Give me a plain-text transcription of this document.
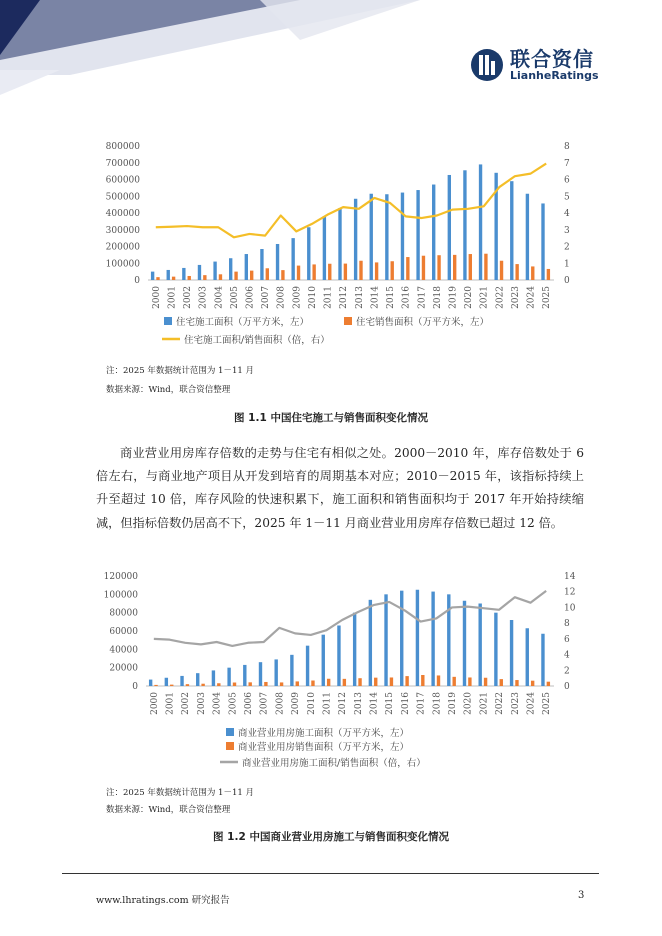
联合资信
LianheRatings
0
100000
200000
300000
400000
500000
600000
700000
800000
0
1
2
3
4
5
6
7
8
2000 2001 2002 2003 2004 2005 2006 2007 2008 2009 2010 2011 2012 2013 2014 2015 2016 2017 2018 2019 2020 2021 2022 2023 2024 2025
住宅施工面积（万平方米，左）	住宅销售面积（万平方米，左）
住宅施工面积/销售面积（倍，右）
注：2025 年数据统计范围为 1－11 月
数据来源：Wind，联合资信整理
图 1.1 中国住宅施工与销售面积变化情况
商业营业用房库存倍数的走势与住宅有相似之处。2000－2010 年，库存倍数处于 6 倍左右，与商业地产项目从开发到培育的周期基本对应；2010－2015 年，该指标持续上升至超过 10 倍，库存风险的快速积累下，施工面积和销售面积均于 2017 年开始持续缩减，但指标倍数仍居高不下，2025 年 1－11 月商业营业用房库存倍数已超过 12 倍。
0
20000
40000
60000
80000
100000
120000
0
2
4
6
8
10
12
14
2000 2001 2002 2003 2004 2005 2006 2007 2008 2009 2010 2011 2012 2013 2014 2015 2016 2017 2018 2019 2020 2021 2022 2023 2024 2025
商业营业用房施工面积（万平方米，左）
商业营业用房销售面积（万平方米，左）
商业营业用房施工面积/销售面积（倍，右）
注：2025 年数据统计范围为 1－11 月
数据来源：Wind，联合资信整理
图 1.2 中国商业营业用房施工与销售面积变化情况
www.lhratings.com 研究报告	3
